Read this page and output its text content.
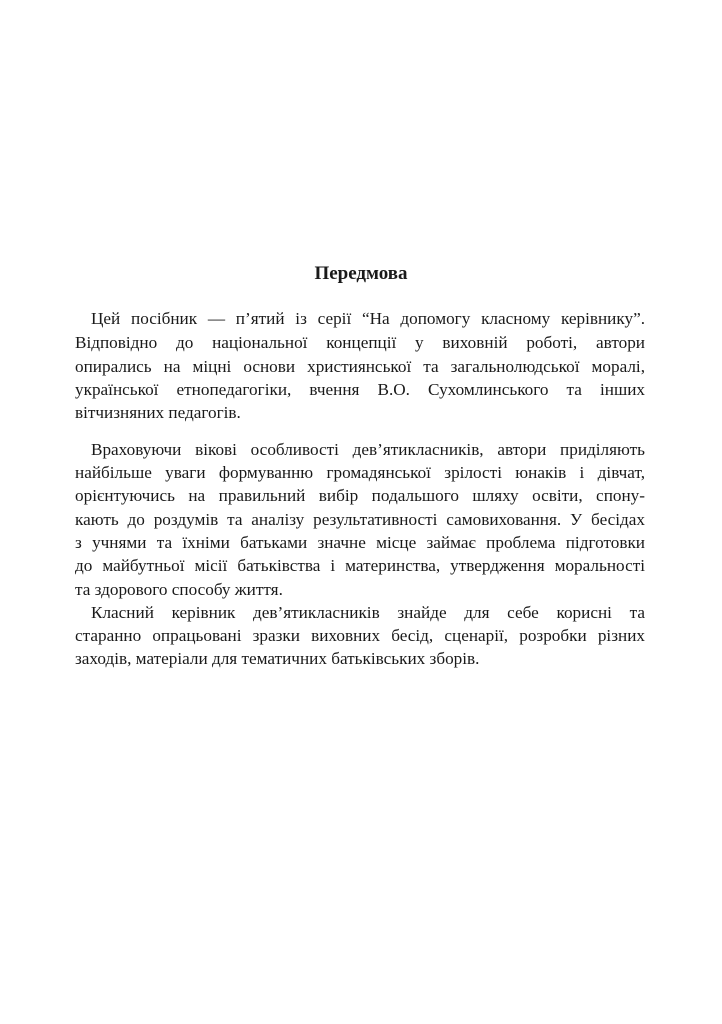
Передмова

Цей посібник — п’ятий із серії “На допомогу класному керівнику”.

Відповідно до національної концепції у виховній роботі, автори

опирались на міцні основи християнської та загальнолюдської моралі,

української етнопедагогіки, вчення В.О. Сухомлинського та інших

вітчизняних педагогів.

Враховуючи вікові особливості дев’ятикласників, автори приділяють

найбільше уваги формуванню громадянської зрілості юнаків і дівчат,

орієнтуючись на правильний вибір подальшого шляху освіти, спону-

кають до роздумів та аналізу результативності самовиховання. У бесідах

з учнями та їхніми батьками значне місце займає проблема підготовки

до майбутньої місії батьківства і материнства, утвердження моральності

та здорового способу життя.

Класний керівник дев’ятикласників знайде для себе корисні та

старанно опрацьовані зразки виховних бесід, сценарії, розробки різних

заходів, матеріали для тематичних батьківських зборів.
